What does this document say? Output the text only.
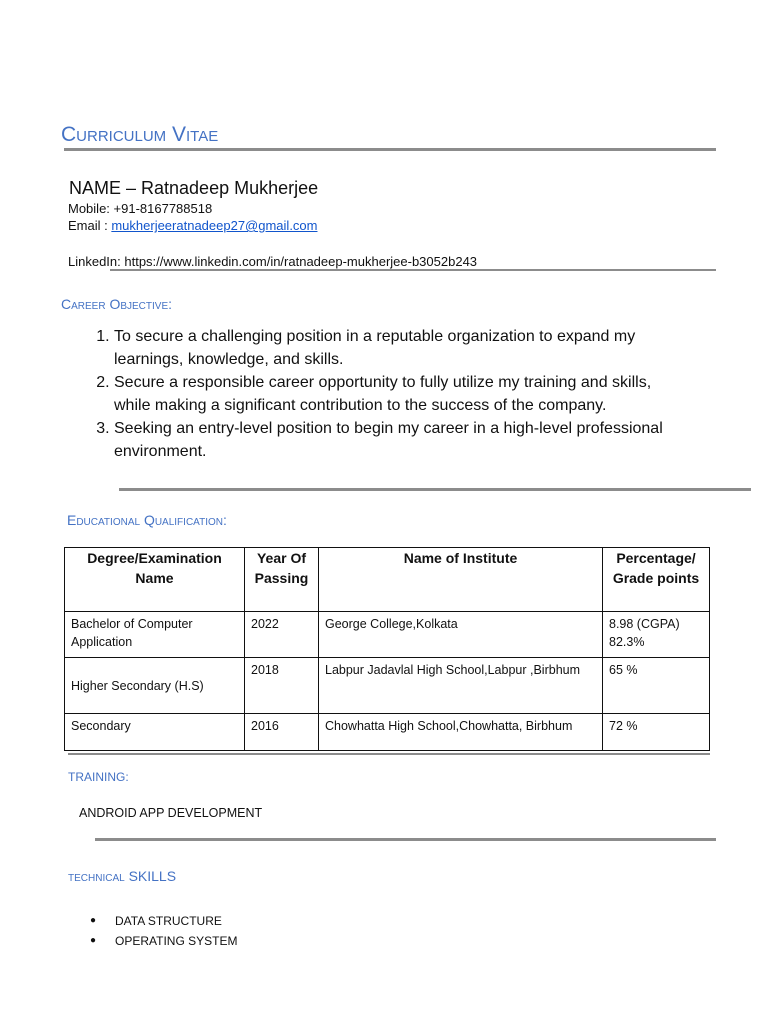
Curriculum Vitae
NAME – Ratnadeep Mukherjee
Mobile: +91-8167788518
Email : mukherjeeratnadeep27@gmail.com
LinkedIn: https://www.linkedin.com/in/ratnadeep-mukherjee-b3052b243
Career Objective:
1. To secure a challenging position in a reputable organization to expand my learnings, knowledge, and skills.
2. Secure a responsible career opportunity to fully utilize my training and skills, while making a significant contribution to the success of the company.
3. Seeking an entry-level position to begin my career in a high-level professional environment.
Educational Qualification:
Degree/Examination Name	Year Of Passing	Name of Institute	Percentage/ Grade points
Bachelor of Computer Application	2022	George College,Kolkata	8.98 (CGPA)
82.3%

Higher Secondary (H.S)	2018	Labpur Jadavlal High School,Labpur ,Birbhum	65 %
Secondary	2016	Chowhatta High School,Chowhatta, Birbhum	72 %
TRAINING:
ANDROID APP DEVELOPMENT
technical SKILLS
● DATA STRUCTURE
● OPERATING SYSTEM
